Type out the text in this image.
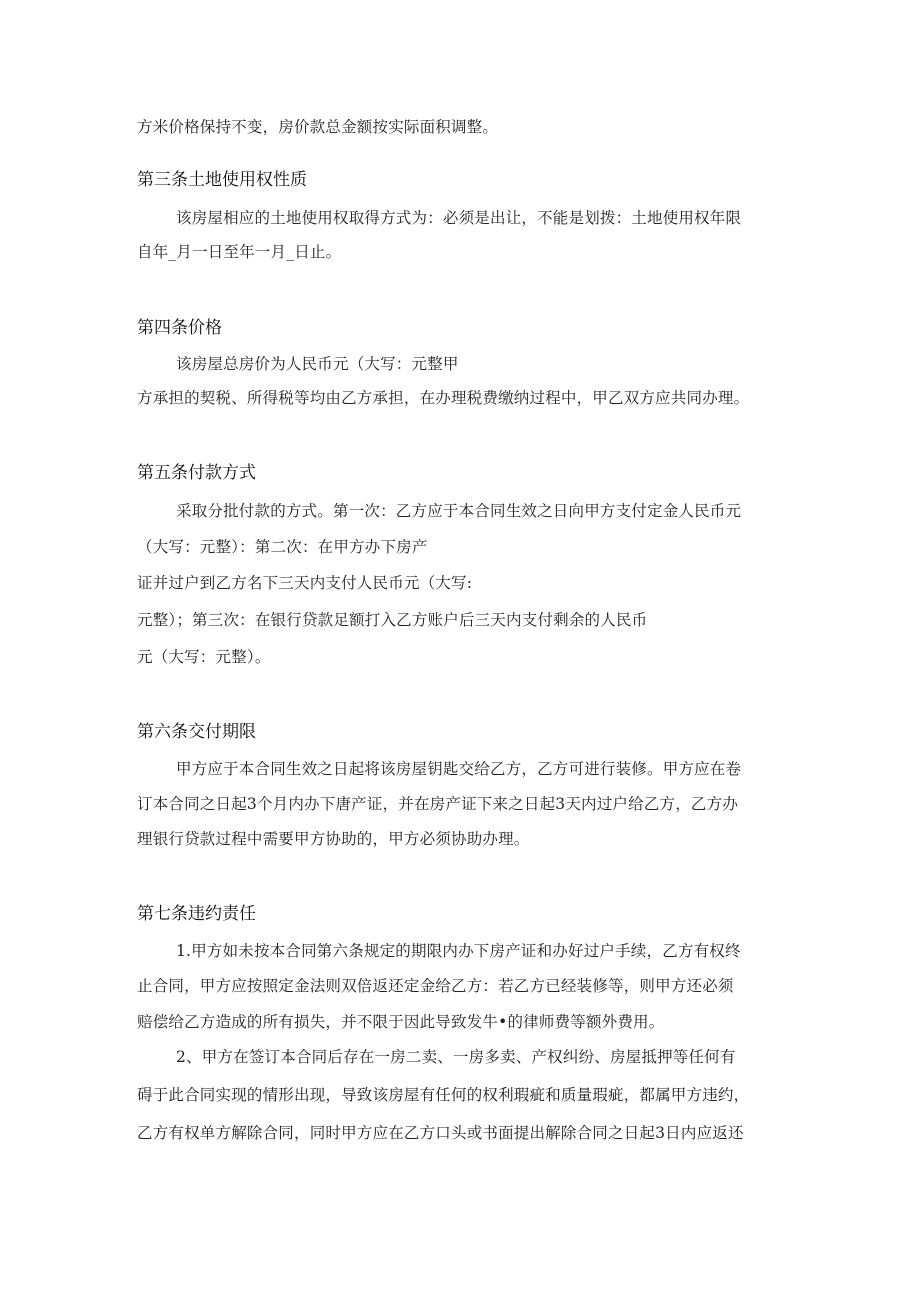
方米价格保持不变，房价款总金额按实际面积调整。
第三条土地使用权性质
该房屋相应的土地使用权取得方式为：必须是出让，不能是划拨：土地使用权年限
自年_月一日至年一月_日止。
第四条价格
该房屋总房价为人民币元（大写：元整甲
方承担的契税、所得税等均由乙方承担，在办理税费缴纳过程中，甲乙双方应共同办理。
第五条付款方式
采取分批付款的方式。第一次：乙方应于本合同生效之日向甲方支付定金人民币元
（大写：元整）：第二次：在甲方办下房产
证并过户到乙方名下三天内支付人民币元（大写:
元整）；第三次：在银行贷款足额打入乙方账户后三天内支付剩余的人民币
元（大写：元整）。
第六条交付期限
甲方应于本合同生效之日起将该房屋钥匙交给乙方，乙方可进行装修。甲方应在卷
订本合同之日起3个月内办下唐产证，并在房产证下来之日起3天内过户给乙方，乙方办
理银行贷款过程中需要甲方协助的，甲方必须协助办理。
第七条违约责任
1.甲方如未按本合同第六条规定的期限内办下房产证和办好过户手续，乙方有权终
止合同，甲方应按照定金法则双倍返还定金给乙方：若乙方已经装修等，则甲方还必须
赔偿给乙方造成的所有损失，并不限于因此导致发牛•的律师费等额外费用。
2、甲方在签订本合同后存在一房二卖、一房多卖、产权纠纷、房屋抵押等任何有
碍于此合同实现的情形出现，导致该房屋有任何的权利瑕疵和质量瑕疵，都属甲方违约，
乙方有权单方解除合同，同时甲方应在乙方口头或书面提出解除合同之日起3日内应返还
